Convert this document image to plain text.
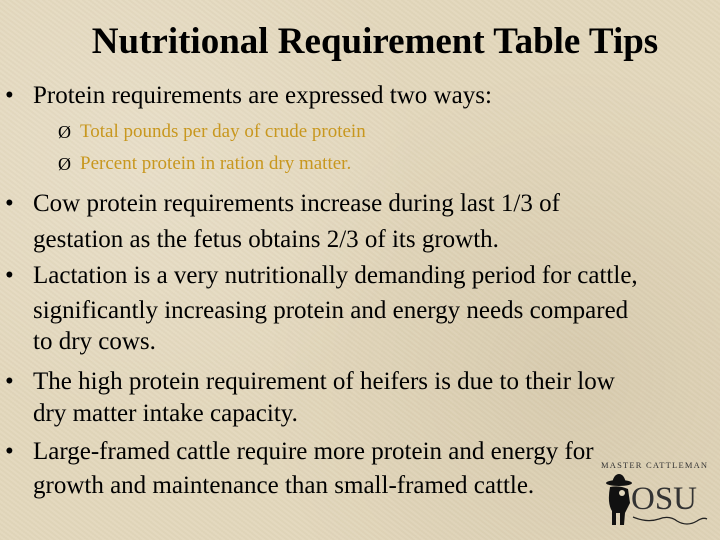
Nutritional Requirement Table Tips
• Protein requirements are expressed two ways:
Ø Total pounds per day of crude protein
Ø Percent protein in ration dry matter.
• Cow protein requirements increase during last 1/3 of
gestation as the fetus obtains 2/3 of its growth.
• Lactation is a very nutritionally demanding period for cattle,
significantly increasing protein and energy needs compared
to dry cows.
• The high protein requirement of heifers is due to their low
dry matter intake capacity.
• Large-framed cattle require more protein and energy for
growth and maintenance than small-framed cattle.
MASTER CATTLEMAN
OSU
